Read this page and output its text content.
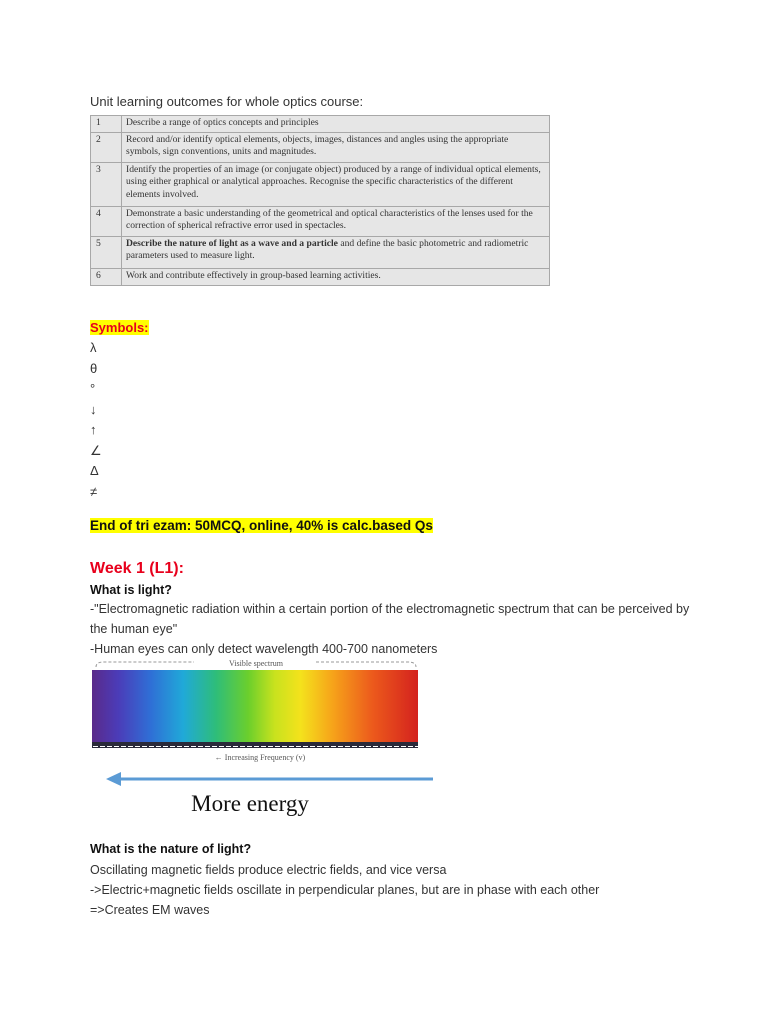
Unit learning outcomes for whole optics course:
1	Describe a range of optics concepts and principles
2	Record and/or identify optical elements, objects, images, distances and angles using the appropriate symbols, sign conventions, units and magnitudes.
3	Identify the properties of an image (or conjugate object) produced by a range of individual optical elements, using either graphical or analytical approaches. Recognise the specific characteristics of the different elements involved.
4	Demonstrate a basic understanding of the geometrical and optical characteristics of the lenses used for the correction of spherical refractive error used in spectacles.
5	Describe the nature of light as a wave and a particle and define the basic photometric and radiometric parameters used to measure light.
6	Work and contribute effectively in group-based learning activities.
Symbols:
λ
θ
°
↓
↑
∠
Δ
≠
End of tri ezam: 50MCQ, online, 40% is calc.based Qs
Week 1 (L1):
What is light?
-"Electromagnetic radiation within a certain portion of the electromagnetic spectrum that can be perceived by the human eye"
-Human eyes can only detect wavelength 400-700 nanometers
Visible spectrum
← Increasing Frequency (v)
More energy
What is the nature of light?
Oscillating magnetic fields produce electric fields, and vice versa
->Electric+magnetic fields oscillate in perpendicular planes, but are in phase with each other
=>Creates EM waves
